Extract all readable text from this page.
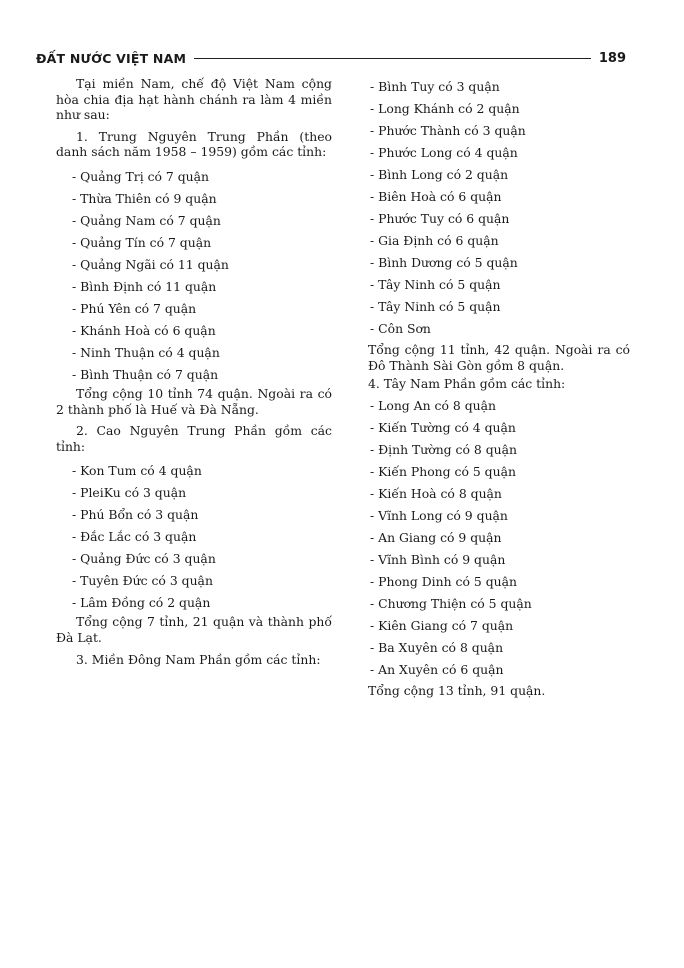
ĐẤT NƯỚC VIỆT NAM	189

Tại miền Nam, chế độ Việt Nam cộng hòa chia địa hạt hành chánh ra làm 4 miền như sau:

1. Trung Nguyên Trung Phần (theo danh sách năm 1958 – 1959) gồm các tỉnh:

- Quảng Trị có 7 quận

- Thừa Thiên có 9 quận

- Quảng Nam có 7 quận

- Quảng Tín có 7 quận

- Quảng Ngãi có 11 quận

- Bình Định có 11 quận

- Phú Yên có 7 quận

- Khánh Hoà có 6 quận

- Ninh Thuận có 4 quận

- Bình Thuận có 7 quận

Tổng cộng 10 tỉnh 74 quận. Ngoài ra có 2 thành phố là Huế và Đà Nẵng.

2. Cao Nguyên Trung Phần gồm các tỉnh:

- Kon Tum có 4 quận

- PleiKu có 3 quận

- Phú Bổn có 3 quận

- Đắc Lắc có 3 quận

- Quảng Đức có 3 quận

- Tuyên Đức có 3 quận

- Lâm Đồng có 2 quận

Tổng cộng 7 tỉnh, 21 quận và thành phố Đà Lạt.

3. Miền Đông Nam Phần gồm các tỉnh:

- Bình Tuy có 3 quận

- Long Khánh có 2 quận

- Phước Thành có 3 quận

- Phước Long có 4 quận

- Bình Long có 2 quận

- Biên Hoà có 6 quận

- Phước Tuy có 6 quận

- Gia Định có 6 quận

- Bình Dương có 5 quận

- Tây Ninh có 5 quận

- Tây Ninh có 5 quận

- Côn Sơn

Tổng cộng 11 tỉnh, 42 quận. Ngoài ra có Đô Thành Sài Gòn gồm 8 quận.

4. Tây Nam Phần gồm các tỉnh:

- Long An có 8 quận

- Kiến Tường có 4 quận

- Định Tường có 8 quận

- Kiến Phong có 5 quận

- Kiến Hoà có 8 quận

- Vĩnh Long có 9 quận

- An Giang có 9 quận

- Vĩnh Bình có 9 quận

- Phong Dinh có 5 quận

- Chương Thiện có 5 quận

- Kiên Giang có 7 quận

- Ba Xuyên có 8 quận

- An Xuyên có 6 quận

Tổng cộng 13 tỉnh, 91 quận.
